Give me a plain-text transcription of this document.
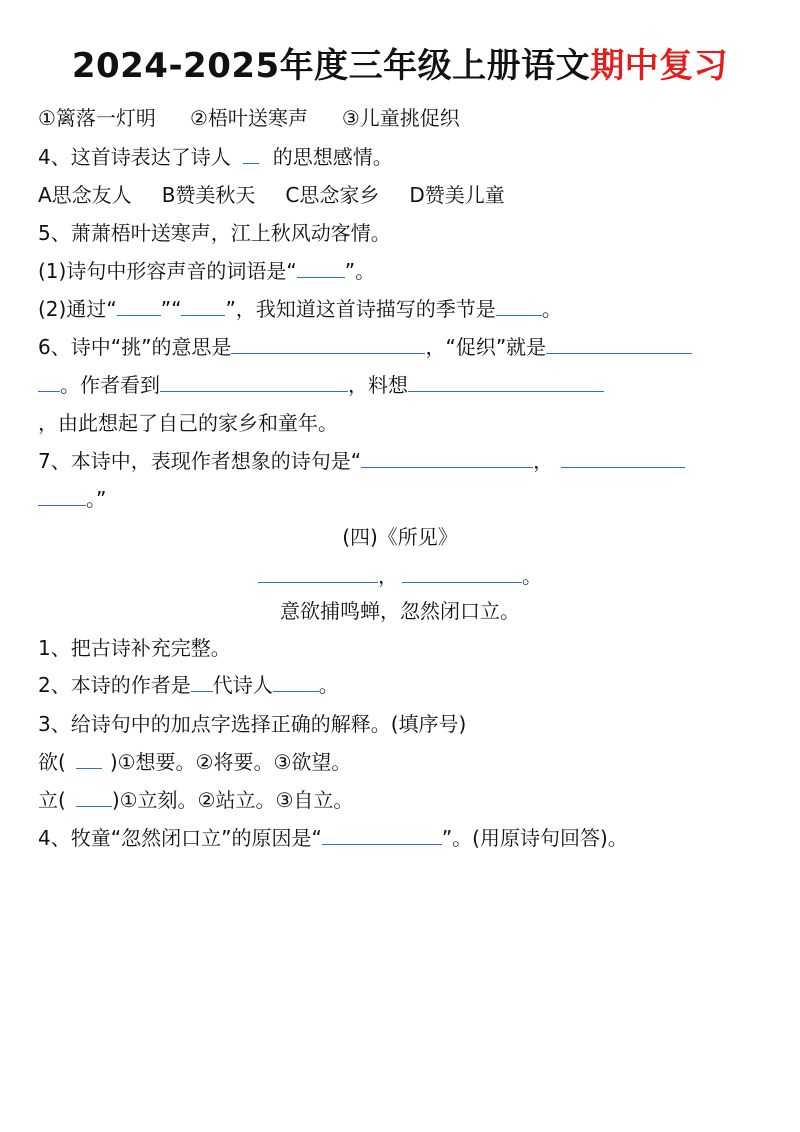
2024-2025年度三年级上册语文期中复习
①篱落一灯明 ②梧叶送寒声 ③儿童挑促织
4、这首诗表达了诗人 的思想感情。
A思念友人 B赞美秋天 C思念家乡 D赞美儿童
5、萧萧梧叶送寒声，江上秋风动客情。
(1)诗句中形容声音的词语是“ ”。
(2)通过“ ”“ ”，我知道这首诗描写的季节是 。
6、诗中“挑”的意思是	，“促织”就是
。作者看到	，料想
，由此想起了自己的家乡和童年。
7、本诗中，表现作者想象的诗句是“	，
。”
(四)《所见》
，	。
意欲捕鸣蝉，忽然闭口立。
1、把古诗补充完整。
2、本诗的作者是 代诗人 。
3、给诗句中的加点字选择正确的解释。(填序号)
欲( )①想要。②将要。③欲望。
立( )①立刻。②站立。③自立。
4、牧童“忽然闭口立”的原因是“	”。(用原诗句回答)。
